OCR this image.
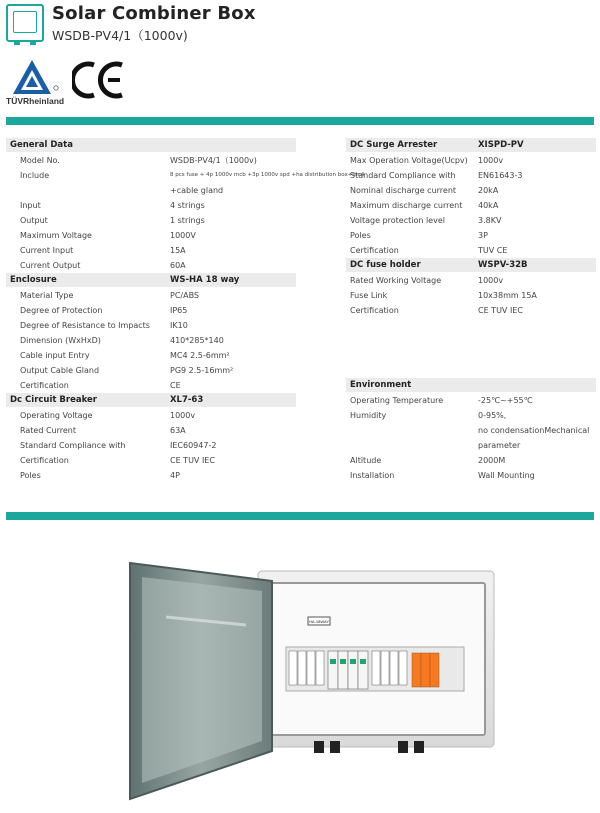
Solar Combiner Box
WSDB-PV4/1（1000v)
TÜVRheinland
General Data
Model No.	WSDB-PV4/1（1000v)
Include	8 pcs fuse + 4p 1000v mcb +3p 1000v spd +ha distribution box+mc4
+cable gland
Input	4 strings
Output	1 strings
Maximum Voltage	1000V
Current Input	15A
Current Output	60A
Enclosure	WS-HA 18 way
Material Type	PC/ABS
Degree of Protection	IP65
Degree of Resistance to Impacts	IK10
Dimension (WxHxD)	410*285*140
Cable input Entry	MC4 2.5-6mm²
Output Cable Gland	PG9 2.5-16mm²
Certification	CE
Dc Circuit Breaker	XL7-63
Operating Voltage	1000v
Rated Current	63A
Standard Compliance with	IEC60947-2
Certification	CE TUV IEC
Poles	4P
DC Surge Arrester	XISPD-PV
Max Operation Voltage(Ucpv) 1000v
Standard Compliance with	EN61643-3
Nominal discharge current	20kA
Maximum discharge current 40kA
Voltage protection level	3.8KV
Poles	3P
Certification	TUV CE
DC fuse holder	WSPV-32B
Rated Working Voltage	1000v
Fuse Link	10x38mm 15A
Certification	CE TUV IEC
Environment
Operating Temperature	-25℃~+55℃
Humidity	0-95%,
no condensationMechanical
parameter
Altitude	2000M
Installation	Wall Mounting
HA-18WAY
